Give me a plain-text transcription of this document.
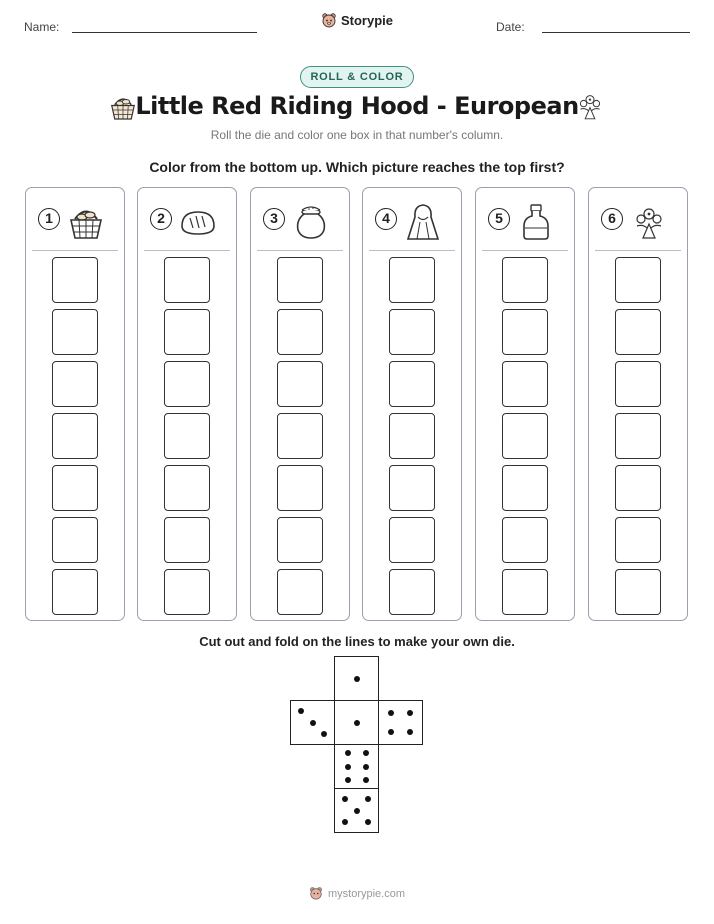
Name:	Storypie	Date:
ROLL & COLOR
Little Red Riding Hood - European
Roll the die and color one box in that number's column.
Color from the bottom up. Which picture reaches the top first?
1	2	3	4	5	6
Cut out and fold on the lines to make your own die.
mystorypie.com
